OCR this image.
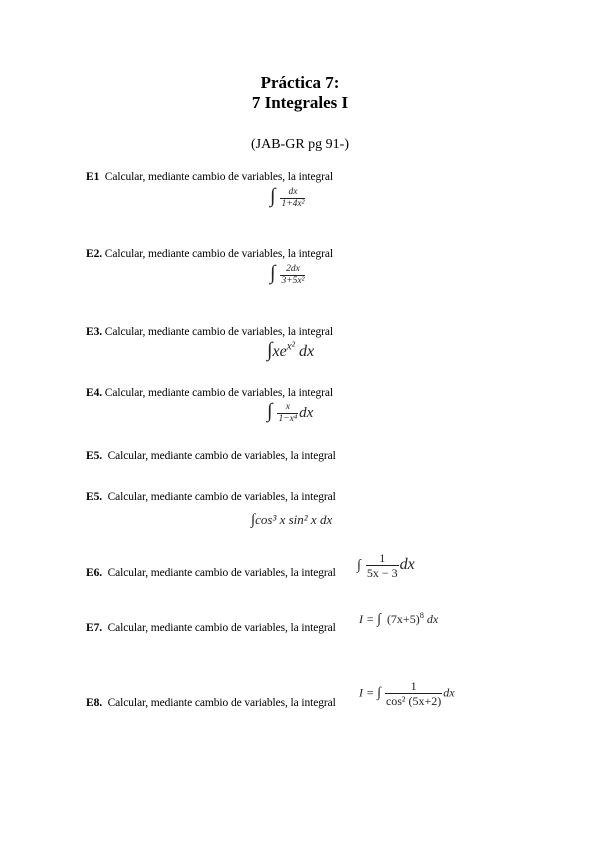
Práctica 7:
7 Integrales I
(JAB-GR pg 91-)
E1 Calcular, mediante cambio de variables, la integral
∫ $\frac{dx}{\text{1+4x²}}$
E2. Calcular, mediante cambio de variables, la integral
∫ $\frac{2dx}{\text{3+5x²}}$
E3. Calcular, mediante cambio de variables, la integral
$\int xe^{x^2}$ dx
E4. Calcular, mediante cambio de variables, la integral
∫ $\frac{x}{\text{1−x⁴}}$ dx
E5. Calcular, mediante cambio de variables, la integral
E5. Calcular, mediante cambio de variables, la integral
∫cos³ x sin² x dx
E6. Calcular, mediante cambio de variables, la integral ∫ $\frac{1}{5x - 3}$ dx
E7. Calcular, mediante cambio de variables, la integral
I = ∫ $(7x+5)^8$ dx
E8. Calcular, mediante cambio de variables, la integral
I = ∫ $\frac{1}{\text{cos² (5x+2)}}$ dx
